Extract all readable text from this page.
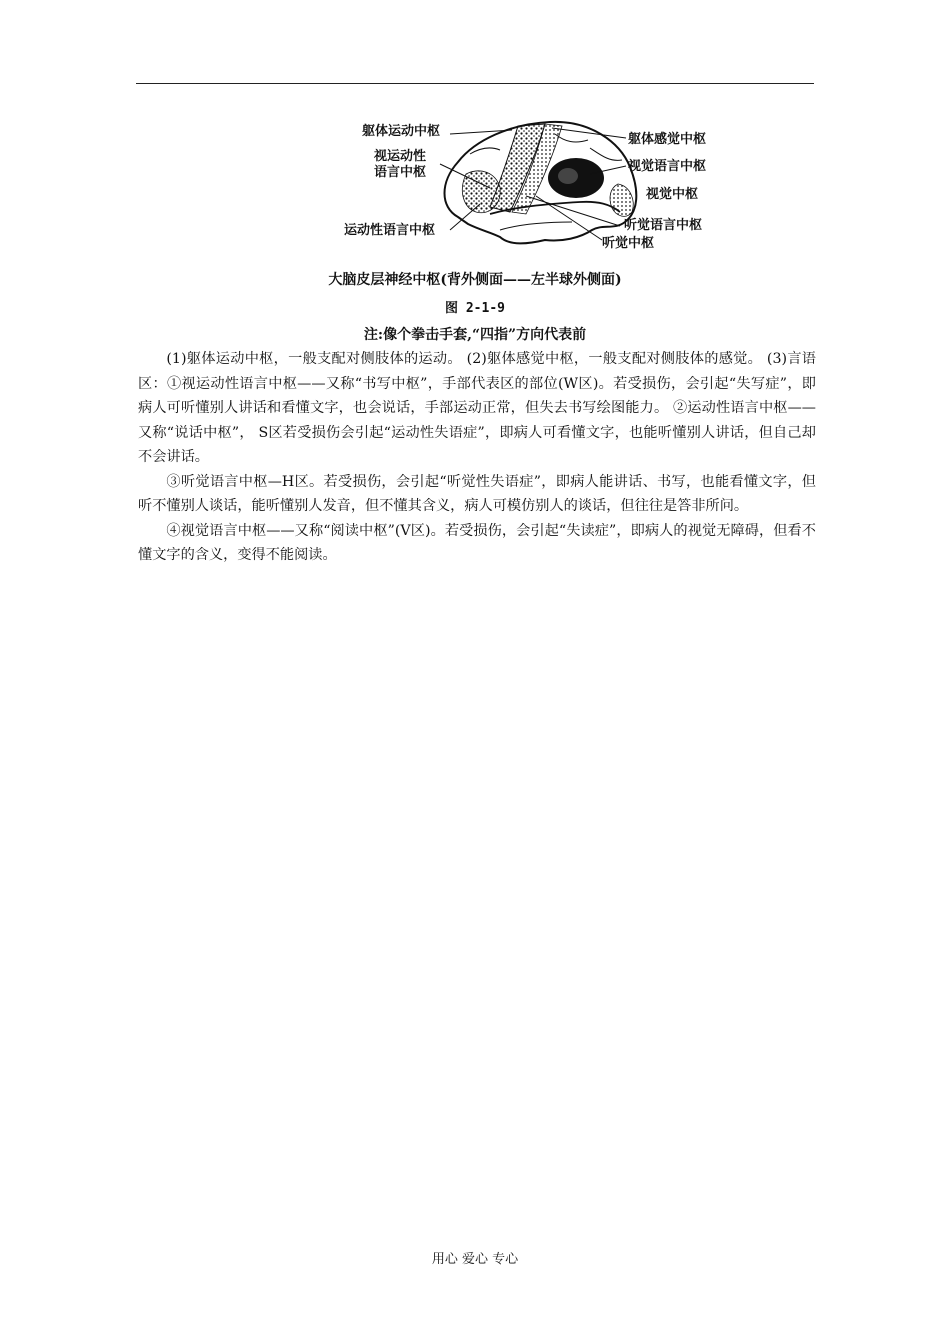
躯体运动中枢
视运动性
语言中枢
运动性语言中枢
躯体感觉中枢
视觉语言中枢
视觉中枢
听觉语言中枢
听觉中枢
大脑皮层神经中枢(背外侧面——左半球外侧面)
图 2-1-9
注:像个拳击手套,“四指”方向代表前

(1)躯体运动中枢，一般支配对侧肢体的运动。 (2)躯体感觉中枢，一般支配对侧肢体的感觉。 (3)言语区：①视运动性语言中枢——又称“书写中枢”，手部代表区的部位(W区)。若受损伤，会引起“失写症”，即病人可听懂别人讲话和看懂文字，也会说话，手部运动正常，但失去书写绘图能力。 ②运动性语言中枢——又称“说话中枢”， S区若受损伤会引起“运动性失语症”，即病人可看懂文字，也能听懂别人讲话，但自己却不会讲话。

③听觉语言中枢—H区。若受损伤，会引起“听觉性失语症”，即病人能讲话、书写，也能看懂文字，但听不懂别人谈话，能听懂别人发音，但不懂其含义，病人可模仿别人的谈话，但往往是答非所问。

④视觉语言中枢——又称“阅读中枢”(V区)。若受损伤，会引起“失读症”，即病人的视觉无障碍，但看不懂文字的含义，变得不能阅读。

用心 爱心 专心
